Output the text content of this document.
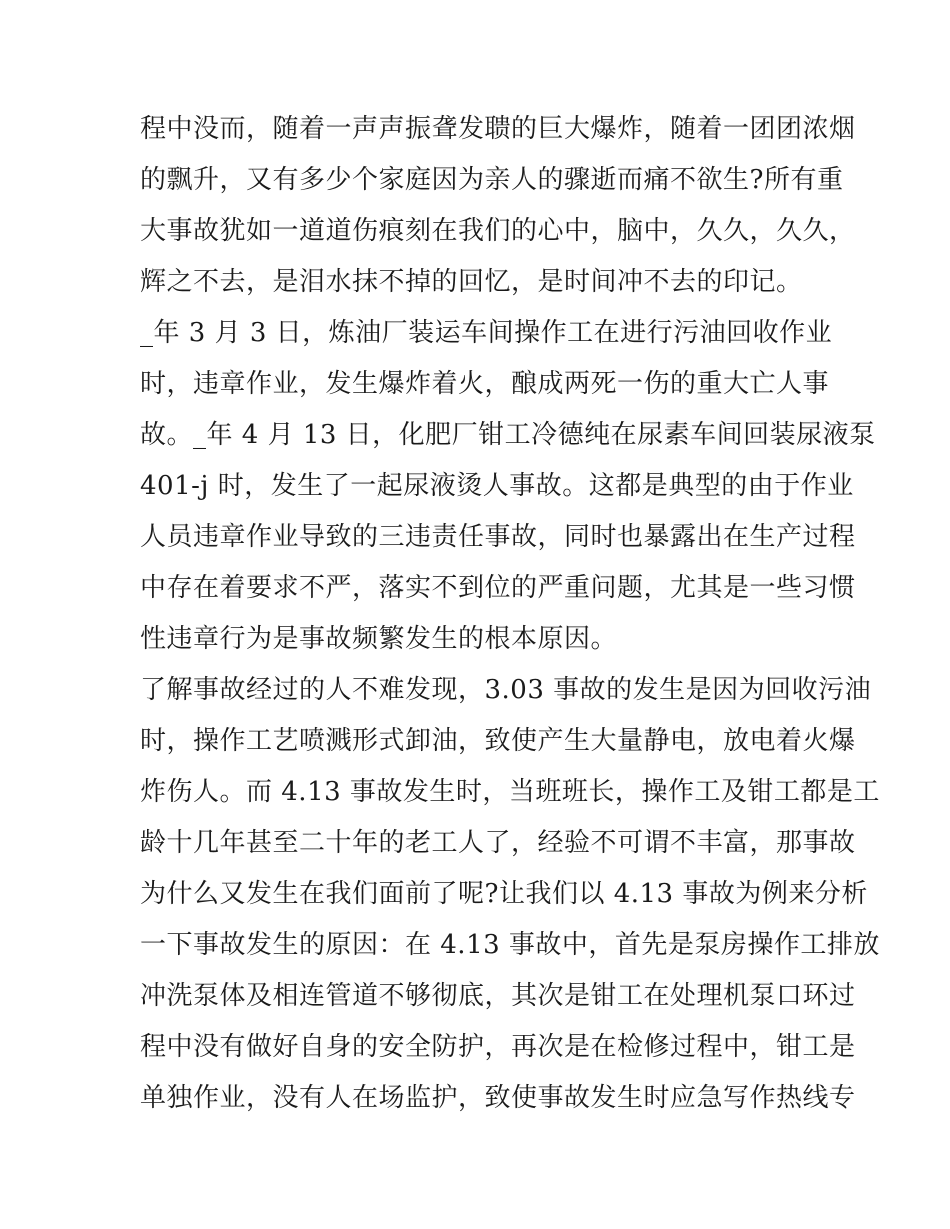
程中没而，随着一声声振聋发聩的巨大爆炸，随着一团团浓烟
的飘升，又有多少个家庭因为亲人的骤逝而痛不欲生?所有重
大事故犹如一道道伤痕刻在我们的心中，脑中，久久，久久，
辉之不去，是泪水抹不掉的回忆，是时间冲不去的印记。
_年 3 月 3 日，炼油厂装运车间操作工在进行污油回收作业
时，违章作业，发生爆炸着火，酿成两死一伤的重大亡人事
故。_年 4 月 13 日，化肥厂钳工冷德纯在尿素车间回装尿液泵
401-j 时，发生了一起尿液烫人事故。这都是典型的由于作业
人员违章作业导致的三违责任事故，同时也暴露出在生产过程
中存在着要求不严，落实不到位的严重问题，尤其是一些习惯
性违章行为是事故频繁发生的根本原因。
了解事故经过的人不难发现，3.03 事故的发生是因为回收污油
时，操作工艺喷溅形式卸油，致使产生大量静电，放电着火爆
炸伤人。而 4.13 事故发生时，当班班长，操作工及钳工都是工
龄十几年甚至二十年的老工人了，经验不可谓不丰富，那事故
为什么又发生在我们面前了呢?让我们以 4.13 事故为例来分析
一下事故发生的原因：在 4.13 事故中，首先是泵房操作工排放
冲洗泵体及相连管道不够彻底，其次是钳工在处理机泵口环过
程中没有做好自身的安全防护，再次是在检修过程中，钳工是
单独作业，没有人在场监护，致使事故发生时应急写作热线专
